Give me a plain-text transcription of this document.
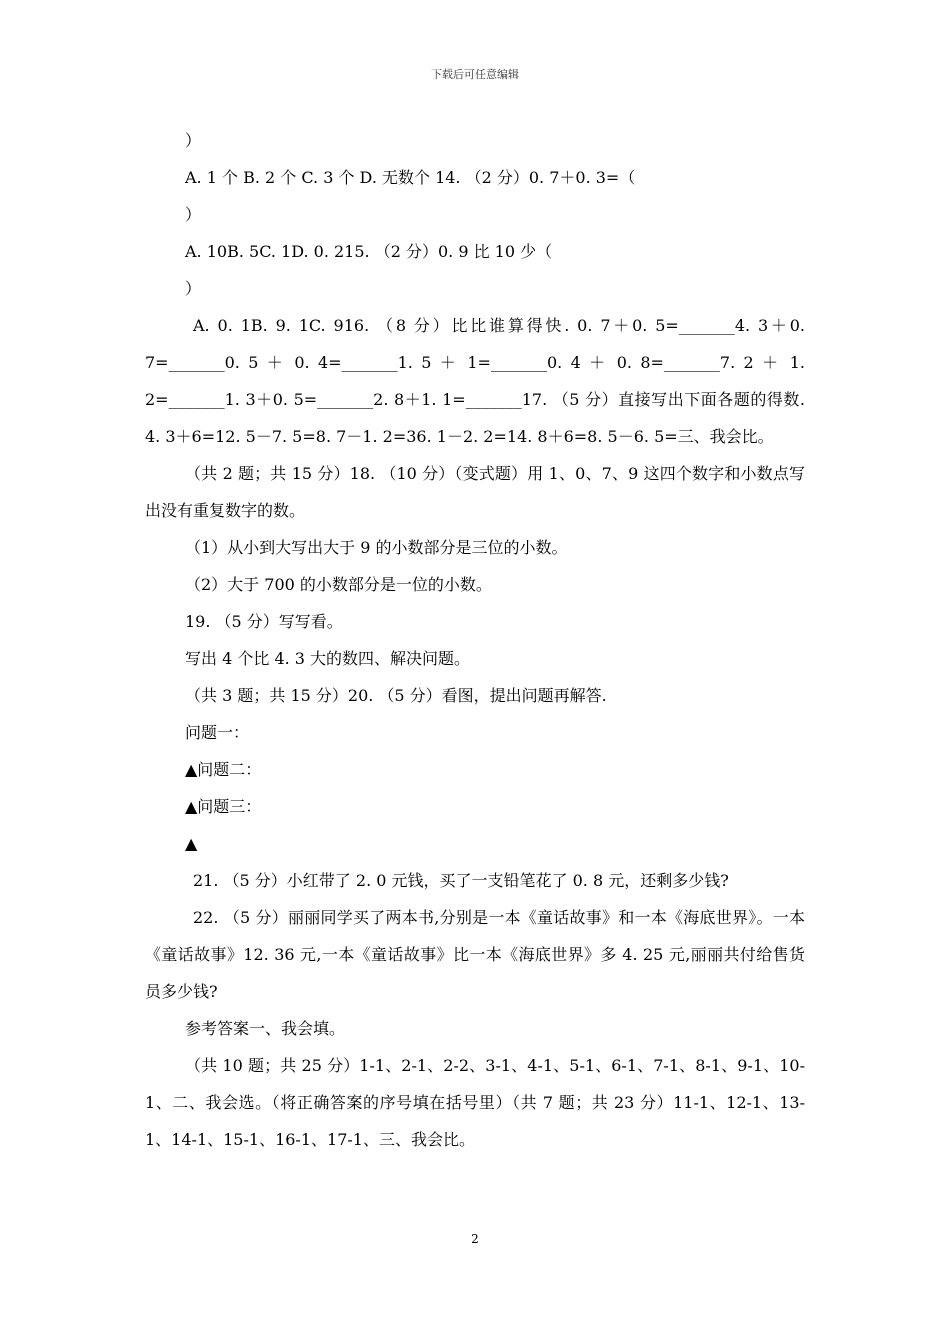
下载后可任意编辑

）

A. 1 个 B. 2 个 C. 3 个 D. 无数个 14. （2 分）0. 7＋0. 3=（

）

A. 10B. 5C. 1D. 0. 215. （2 分）0. 9 比 10 少（

）

A. 0. 1B. 9. 1C. 916. （8 分）比比谁算得快. 0. 7＋0. 5=_______4. 3＋0. 7=_______0. 5 ＋ 0. 4=_______1. 5 ＋ 1=_______0. 4 ＋ 0. 8=_______7. 2 ＋ 1. 2=_______1. 3＋0. 5=_______2. 8＋1. 1=_______17. （5 分）直接写出下面各题的得数. 4. 3＋6=12. 5－7. 5=8. 7－1. 2=36. 1－2. 2=14. 8＋6=8. 5－6. 5=三、我会比。

（共 2 题；共 15 分）18. （10 分）（变式题）用 1、0、7、9 这四个数字和小数点写出没有重复数字的数。

（1）从小到大写出大于 9 的小数部分是三位的小数。

（2）大于 700 的小数部分是一位的小数。

19. （5 分）写写看。

写出 4 个比 4. 3 大的数四、解决问题。

（共 3 题；共 15 分）20. （5 分）看图，提出问题再解答.

问题一：

▲问题二：

▲问题三：

▲

21. （5 分）小红带了 2. 0 元钱，买了一支铅笔花了 0. 8 元，还剩多少钱?

22. （5 分）丽丽同学买了两本书,分别是一本《童话故事》和一本《海底世界》。一本《童话故事》12. 36 元,一本《童话故事》比一本《海底世界》多 4. 25 元,丽丽共付给售货员多少钱?

参考答案一、我会填。

（共 10 题；共 25 分）1-1、2-1、2-2、3-1、4-1、5-1、6-1、7-1、8-1、9-1、10-1、二、我会选。（将正确答案的序号填在括号里）（共 7 题；共 23 分）11-1、12-1、13-1、14-1、15-1、16-1、17-1、三、我会比。

2
